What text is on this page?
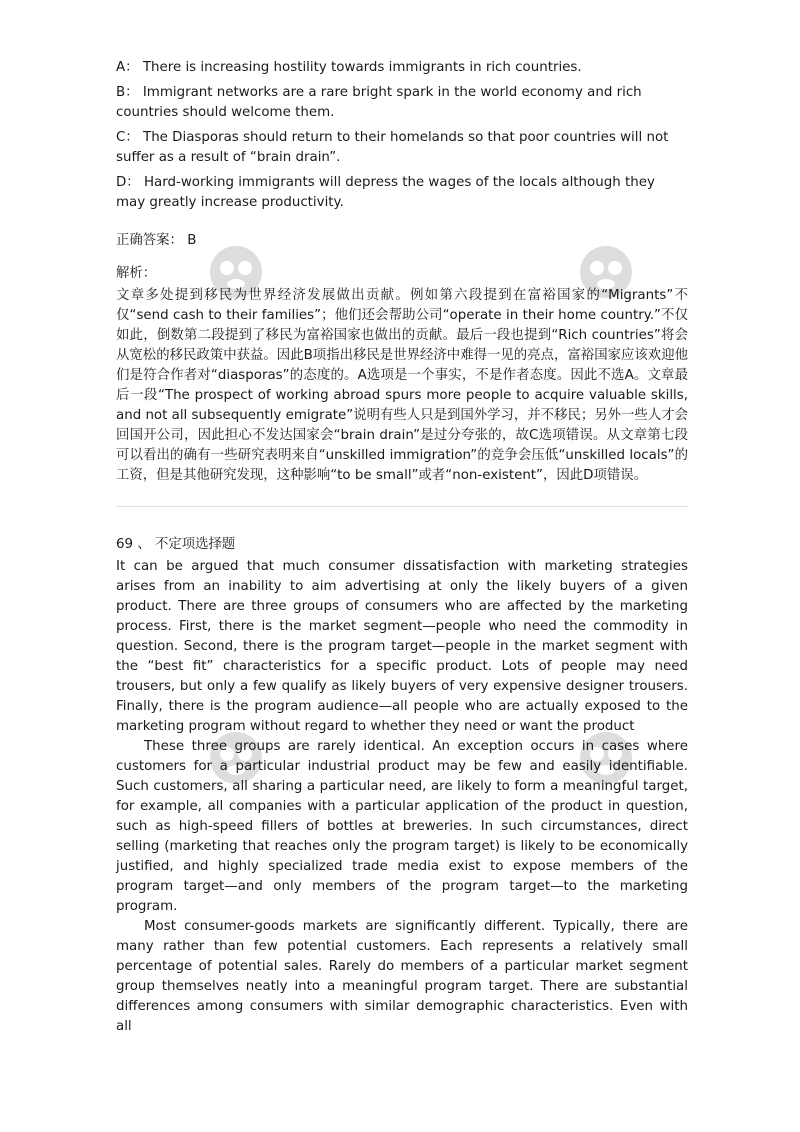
A： There is increasing hostility towards immigrants in rich countries.
B： Immigrant networks are a rare bright spark in the world economy and rich countries should welcome them.
C： The Diasporas should return to their homelands so that poor countries will not suffer as a result of “brain drain”.
D： Hard-working immigrants will depress the wages of the locals although they may greatly increase productivity.
正确答案： B
解析：

文章多处提到移民为世界经济发展做出贡献。例如第六段提到在富裕国家的“Migrants”不仅“send cash to their families”；他们还会帮助公司“operate in their home country.”不仅如此，倒数第二段提到了移民为富裕国家也做出的贡献。最后一段也提到“Rich countries”将会从宽松的移民政策中获益。因此B项指出移民是世界经济中难得一见的亮点，富裕国家应该欢迎他们是符合作者对“diasporas”的态度的。A选项是一个事实，不是作者态度。因此不选A。文章最后一段“The prospect of working abroad spurs more people to acquire valuable skills, and not all subsequently emigrate”说明有些人只是到国外学习，并不移民；另外一些人才会回国开公司，因此担心不发达国家会“brain drain”是过分夸张的，故C选项错误。从文章第七段可以看出的确有一些研究表明来自“unskilled immigration”的竞争会压低“unskilled locals”的工资，但是其他研究发现，这种影响“to be small”或者“non-existent”，因此D项错误。

69 、 不定项选择题

It can be argued that much consumer dissatisfaction with marketing strategies arises from an inability to aim advertising at only the likely buyers of a given product. There are three groups of consumers who are affected by the marketing process. First, there is the market segment—people who need the commodity in question. Second, there is the program target—people in the market segment with the “best fit” characteristics for a specific product. Lots of people may need trousers, but only a few qualify as likely buyers of very expensive designer trousers. Finally, there is the program audience—all people who are actually exposed to the marketing program without regard to whether they need or want the product

These three groups are rarely identical. An exception occurs in cases where customers for a particular industrial product may be few and easily identifiable. Such customers, all sharing a particular need, are likely to form a meaningful target, for example, all companies with a particular application of the product in question, such as high-speed fillers of bottles at breweries. In such circumstances, direct selling (marketing that reaches only the program target) is likely to be economically justified, and highly specialized trade media exist to expose members of the program target—and only members of the program target—to the marketing program.

Most consumer-goods markets are significantly different. Typically, there are many rather than few potential customers. Each represents a relatively small percentage of potential sales. Rarely do members of a particular market segment group themselves neatly into a meaningful program target. There are substantial differences among consumers with similar demographic characteristics. Even with all
